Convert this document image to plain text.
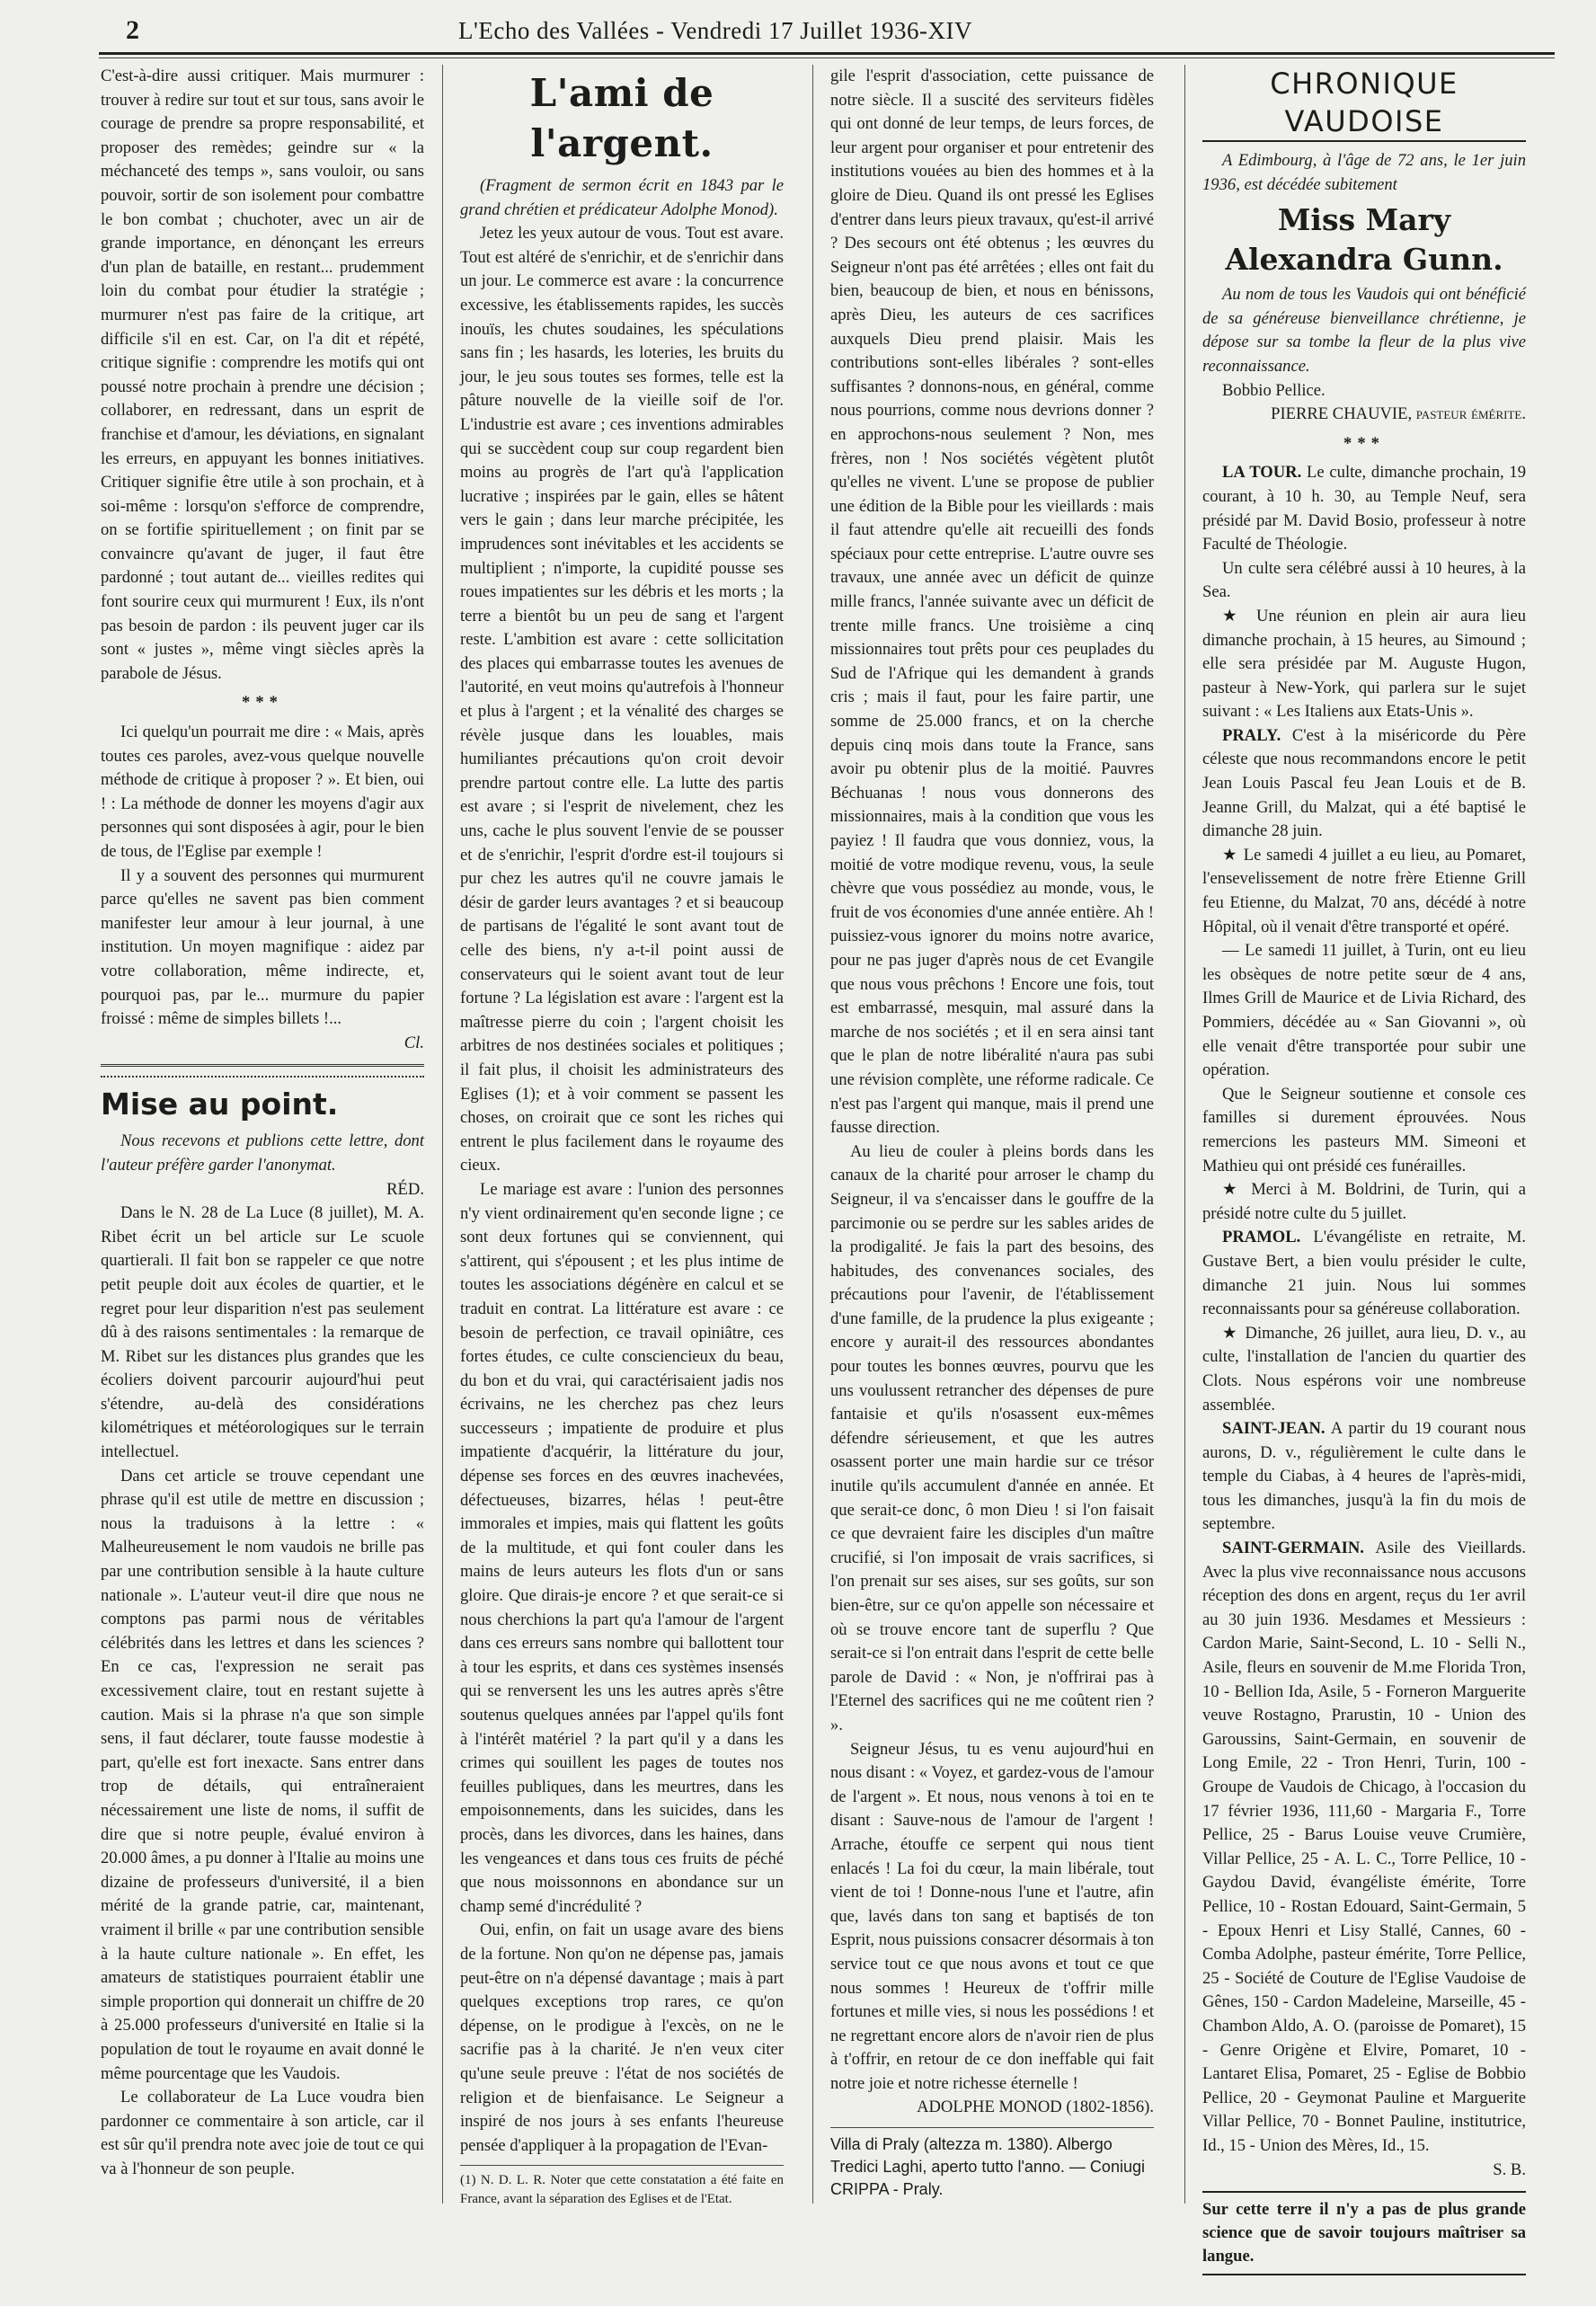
2	L'Echo des Vallées - Vendredi 17 Juillet 1936-XIV

C'est-à-dire aussi critiquer. Mais murmurer : trouver à redire sur tout et sur tous, sans avoir le courage de prendre sa propre responsabilité, et proposer des remèdes; geindre sur « la méchanceté des temps », sans vouloir, ou sans pouvoir, sortir de son isolement pour combattre le bon combat ; chuchoter, avec un air de grande importance, en dénonçant les erreurs d'un plan de bataille, en restant... prudemment loin du combat pour étudier la stratégie ; murmurer n'est pas faire de la critique, art difficile s'il en est. Car, on l'a dit et répété, critique signifie : comprendre les motifs qui ont poussé notre prochain à prendre une décision ; collaborer, en redressant, dans un esprit de franchise et d'amour, les déviations, en signalant les erreurs, en appuyant les bonnes initiatives. Critiquer signifie être utile à son prochain, et à soi-même : lorsqu'on s'efforce de comprendre, on se fortifie spirituellement ; on finit par se convaincre qu'avant de juger, il faut être pardonné ; tout autant de... vieilles redites qui font sourire ceux qui murmurent ! Eux, ils n'ont pas besoin de pardon : ils peuvent juger car ils sont « justes », même vingt siècles après la parabole de Jésus.

***

Ici quelqu'un pourrait me dire : « Mais, après toutes ces paroles, avez-vous quelque nouvelle méthode de critique à proposer ? ». Et bien, oui ! : La méthode de donner les moyens d'agir aux personnes qui sont disposées à agir, pour le bien de tous, de l'Eglise par exemple !

Il y a souvent des personnes qui murmurent parce qu'elles ne savent pas bien comment manifester leur amour à leur journal, à une institution. Un moyen magnifique : aidez par votre collaboration, même indirecte, et, pourquoi pas, par le... murmure du papier froissé : même de simples billets !...

Cl.
Mise au point.

Nous recevons et publions cette lettre, dont l'auteur préfère garder l'anonymat.

RÉD.

Dans le N. 28 de La Luce (8 juillet), M. A. Ribet écrit un bel article sur Le scuole quartierali. Il fait bon se rappeler ce que notre petit peuple doit aux écoles de quartier, et le regret pour leur disparition n'est pas seulement dû à des raisons sentimentales : la remarque de M. Ribet sur les distances plus grandes que les écoliers doivent parcourir aujourd'hui peut s'étendre, au-delà des considérations kilométriques et météorologiques sur le terrain intellectuel.

Dans cet article se trouve cependant une phrase qu'il est utile de mettre en discussion ; nous la traduisons à la lettre : « Malheureusement le nom vaudois ne brille pas par une contribution sensible à la haute culture nationale ». L'auteur veut-il dire que nous ne comptons pas parmi nous de véritables célébrités dans les lettres et dans les sciences ? En ce cas, l'expression ne serait pas excessivement claire, tout en restant sujette à caution. Mais si la phrase n'a que son simple sens, il faut déclarer, toute fausse modestie à part, qu'elle est fort inexacte. Sans entrer dans trop de détails, qui entraîneraient nécessairement une liste de noms, il suffit de dire que si notre peuple, évalué environ à 20.000 âmes, a pu donner à l'Italie au moins une dizaine de professeurs d'université, il a bien mérité de la grande patrie, car, maintenant, vraiment il brille « par une contribution sensible à la haute culture nationale ». En effet, les amateurs de statistiques pourraient établir une simple proportion qui donnerait un chiffre de 20 à 25.000 professeurs d'université en Italie si la population de tout le royaume en avait donné le même pourcentage que les Vaudois.

Le collaborateur de La Luce voudra bien pardonner ce commentaire à son article, car il est sûr qu'il prendra note avec joie de tout ce qui va à l'honneur de son peuple.

L'ami de l'argent.

(Fragment de sermon écrit en 1843 par le grand chrétien et prédicateur Adolphe Monod).

Jetez les yeux autour de vous. Tout est avare. Tout est altéré de s'enrichir, et de s'enrichir dans un jour. Le commerce est avare : la concurrence excessive, les établissements rapides, les succès inouïs, les chutes soudaines, les spéculations sans fin ; les hasards, les loteries, les bruits du jour, le jeu sous toutes ses formes, telle est la pâture nouvelle de la vieille soif de l'or. L'industrie est avare ; ces inventions admirables qui se succèdent coup sur coup regardent bien moins au progrès de l'art qu'à l'application lucrative ; inspirées par le gain, elles se hâtent vers le gain ; dans leur marche précipitée, les imprudences sont inévitables et les accidents se multiplient ; n'importe, la cupidité pousse ses roues impatientes sur les débris et les morts ; la terre a bientôt bu un peu de sang et l'argent reste. L'ambition est avare : cette sollicitation des places qui embarrasse toutes les avenues de l'autorité, en veut moins qu'autrefois à l'honneur et plus à l'argent ; et la vénalité des charges se révèle jusque dans les louables, mais humiliantes précautions qu'on croit devoir prendre partout contre elle. La lutte des partis est avare ; si l'esprit de nivelement, chez les uns, cache le plus souvent l'envie de se pousser et de s'enrichir, l'esprit d'ordre est-il toujours si pur chez les autres qu'il ne couvre jamais le désir de garder leurs avantages ? et si beaucoup de partisans de l'égalité le sont avant tout de celle des biens, n'y a-t-il point aussi de conservateurs qui le soient avant tout de leur fortune ? La législation est avare : l'argent est la maîtresse pierre du coin ; l'argent choisit les arbitres de nos destinées sociales et politiques ; il fait plus, il choisit les administrateurs des Eglises (1); et à voir comment se passent les choses, on croirait que ce sont les riches qui entrent le plus facilement dans le royaume des cieux.

Le mariage est avare : l'union des personnes n'y vient ordinairement qu'en seconde ligne ; ce sont deux fortunes qui se conviennent, qui s'attirent, qui s'épousent ; et les plus intime de toutes les associations dégénère en calcul et se traduit en contrat. La littérature est avare : ce besoin de perfection, ce travail opiniâtre, ces fortes études, ce culte consciencieux du beau, du bon et du vrai, qui caractérisaient jadis nos écrivains, ne les cherchez pas chez leurs successeurs ; impatiente de produire et plus impatiente d'acquérir, la littérature du jour, dépense ses forces en des œuvres inachevées, défectueuses, bizarres, hélas ! peut-être immorales et impies, mais qui flattent les goûts de la multitude, et qui font couler dans les mains de leurs auteurs les flots d'un or sans gloire. Que dirais-je encore ? et que serait-ce si nous cherchions la part qu'a l'amour de l'argent dans ces erreurs sans nombre qui ballottent tour à tour les esprits, et dans ces systèmes insensés qui se renversent les uns les autres après s'être soutenus quelques années par l'appel qu'ils font à l'intérêt matériel ? la part qu'il y a dans les crimes qui souillent les pages de toutes nos feuilles publiques, dans les meurtres, dans les empoisonnements, dans les suicides, dans les procès, dans les divorces, dans les haines, dans les vengeances et dans tous ces fruits de péché que nous moissonnons en abondance sur un champ semé d'incrédulité ?

Oui, enfin, on fait un usage avare des biens de la fortune. Non qu'on ne dépense pas, jamais peut-être on n'a dépensé davantage ; mais à part quelques exceptions trop rares, ce qu'on dépense, on le prodigue à l'excès, on ne le sacrifie pas à la charité. Je n'en veux citer qu'une seule preuve : l'état de nos sociétés de religion et de bienfaisance. Le Seigneur a inspiré de nos jours à ses enfants l'heureuse pensée d'appliquer à la propagation de l'Evan-

(1) N. D. L. R. Noter que cette constatation a été faite en France, avant la séparation des Eglises et de l'Etat.

gile l'esprit d'association, cette puissance de notre siècle. Il a suscité des serviteurs fidèles qui ont donné de leur temps, de leurs forces, de leur argent pour organiser et pour entretenir des institutions vouées au bien des hommes et à la gloire de Dieu. Quand ils ont pressé les Eglises d'entrer dans leurs pieux travaux, qu'est-il arrivé ? Des secours ont été obtenus ; les œuvres du Seigneur n'ont pas été arrêtées ; elles ont fait du bien, beaucoup de bien, et nous en bénissons, après Dieu, les auteurs de ces sacrifices auxquels Dieu prend plaisir. Mais les contributions sont-elles libérales ? sont-elles suffisantes ? donnons-nous, en général, comme nous pourrions, comme nous devrions donner ? en approchons-nous seulement ? Non, mes frères, non ! Nos sociétés végètent plutôt qu'elles ne vivent. L'une se propose de publier une édition de la Bible pour les vieillards : mais il faut attendre qu'elle ait recueilli des fonds spéciaux pour cette entreprise. L'autre ouvre ses travaux, une année avec un déficit de quinze mille francs, l'année suivante avec un déficit de trente mille francs. Une troisième a cinq missionnaires tout prêts pour ces peuplades du Sud de l'Afrique qui les demandent à grands cris ; mais il faut, pour les faire partir, une somme de 25.000 francs, et on la cherche depuis cinq mois dans toute la France, sans avoir pu obtenir plus de la moitié. Pauvres Béchuanas ! nous vous donnerons des missionnaires, mais à la condition que vous les payiez ! Il faudra que vous donniez, vous, la moitié de votre modique revenu, vous, la seule chèvre que vous possédiez au monde, vous, le fruit de vos économies d'une année entière. Ah ! puissiez-vous ignorer du moins notre avarice, pour ne pas juger d'après nous de cet Evangile que nous vous prêchons ! Encore une fois, tout est embarrassé, mesquin, mal assuré dans la marche de nos sociétés ; et il en sera ainsi tant que le plan de notre libéralité n'aura pas subi une révision complète, une réforme radicale. Ce n'est pas l'argent qui manque, mais il prend une fausse direction.

Au lieu de couler à pleins bords dans les canaux de la charité pour arroser le champ du Seigneur, il va s'encaisser dans le gouffre de la parcimonie ou se perdre sur les sables arides de la prodigalité. Je fais la part des besoins, des habitudes, des convenances sociales, des précautions pour l'avenir, de l'établissement d'une famille, de la prudence la plus exigeante ; encore y aurait-il des ressources abondantes pour toutes les bonnes œuvres, pourvu que les uns voulussent retrancher des dépenses de pure fantaisie et qu'ils n'osassent eux-mêmes défendre sérieusement, et que les autres osassent porter une main hardie sur ce trésor inutile qu'ils accumulent d'année en année. Et que serait-ce donc, ô mon Dieu ! si l'on faisait ce que devraient faire les disciples d'un maître crucifié, si l'on imposait de vrais sacrifices, si l'on prenait sur ses aises, sur ses goûts, sur son bien-être, sur ce qu'on appelle son nécessaire et où se trouve encore tant de superflu ? Que serait-ce si l'on entrait dans l'esprit de cette belle parole de David : « Non, je n'offrirai pas à l'Eternel des sacrifices qui ne me coûtent rien ? ».

Seigneur Jésus, tu es venu aujourd'hui en nous disant : « Voyez, et gardez-vous de l'amour de l'argent ». Et nous, nous venons à toi en te disant : Sauve-nous de l'amour de l'argent ! Arrache, étouffe ce serpent qui nous tient enlacés ! La foi du cœur, la main libérale, tout vient de toi ! Donne-nous l'une et l'autre, afin que, lavés dans ton sang et baptisés de ton Esprit, nous puissions consacrer désormais à ton service tout ce que nous avons et tout ce que nous sommes ! Heureux de t'offrir mille fortunes et mille vies, si nous les possédions ! et ne regrettant encore alors de n'avoir rien de plus à t'offrir, en retour de ce don ineffable qui fait notre joie et notre richesse éternelle !

ADOLPHE MONOD (1802-1856).
Villa di Praly (altezza m. 1380). Albergo Tredici Laghi, aperto tutto l'anno. — Coniugi CRIPPA - Praly.
CHRONIQUE VAUDOISE

A Edimbourg, à l'âge de 72 ans, le 1er juin 1936, est décédée subitement

Miss Mary Alexandra Gunn.

Au nom de tous les Vaudois qui ont bénéficié de sa généreuse bienveillance chrétienne, je dépose sur sa tombe la fleur de la plus vive reconnaissance.

Bobbio Pellice.

PIERRE CHAUVIE, pasteur émérite.
***

LA TOUR. Le culte, dimanche prochain, 19 courant, à 10 h. 30, au Temple Neuf, sera présidé par M. David Bosio, professeur à notre Faculté de Théologie.

Un culte sera célébré aussi à 10 heures, à la Sea.

★ Une réunion en plein air aura lieu dimanche prochain, à 15 heures, au Simound ; elle sera présidée par M. Auguste Hugon, pasteur à New-York, qui parlera sur le sujet suivant : « Les Italiens aux Etats-Unis ».

PRALY. C'est à la miséricorde du Père céleste que nous recommandons encore le petit Jean Louis Pascal feu Jean Louis et de B. Jeanne Grill, du Malzat, qui a été baptisé le dimanche 28 juin.

★ Le samedi 4 juillet a eu lieu, au Pomaret, l'ensevelissement de notre frère Etienne Grill feu Etienne, du Malzat, 70 ans, décédé à notre Hôpital, où il venait d'être transporté et opéré.

— Le samedi 11 juillet, à Turin, ont eu lieu les obsèques de notre petite sœur de 4 ans, Ilmes Grill de Maurice et de Livia Richard, des Pommiers, décédée au « San Giovanni », où elle venait d'être transportée pour subir une opération.

Que le Seigneur soutienne et console ces familles si durement éprouvées. Nous remercions les pasteurs MM. Simeoni et Mathieu qui ont présidé ces funérailles.

★ Merci à M. Boldrini, de Turin, qui a présidé notre culte du 5 juillet.

PRAMOL. L'évangéliste en retraite, M. Gustave Bert, a bien voulu présider le culte, dimanche 21 juin. Nous lui sommes reconnaissants pour sa généreuse collaboration.

★ Dimanche, 26 juillet, aura lieu, D. v., au culte, l'installation de l'ancien du quartier des Clots. Nous espérons voir une nombreuse assemblée.

SAINT-JEAN. A partir du 19 courant nous aurons, D. v., régulièrement le culte dans le temple du Ciabas, à 4 heures de l'après-midi, tous les dimanches, jusqu'à la fin du mois de septembre.

SAINT-GERMAIN. Asile des Vieillards. Avec la plus vive reconnaissance nous accusons réception des dons en argent, reçus du 1er avril au 30 juin 1936. Mesdames et Messieurs : Cardon Marie, Saint-Second, L. 10 - Selli N., Asile, fleurs en souvenir de M.me Florida Tron, 10 - Bellion Ida, Asile, 5 - Forneron Marguerite veuve Rostagno, Prarustin, 10 - Union des Garoussins, Saint-Germain, en souvenir de Long Emile, 22 - Tron Henri, Turin, 100 - Groupe de Vaudois de Chicago, à l'occasion du 17 février 1936, 111,60 - Margaria F., Torre Pellice, 25 - Barus Louise veuve Crumière, Villar Pellice, 25 - A. L. C., Torre Pellice, 10 - Gaydou David, évangéliste émérite, Torre Pellice, 10 - Rostan Edouard, Saint-Germain, 5 - Epoux Henri et Lisy Stallé, Cannes, 60 - Comba Adolphe, pasteur émérite, Torre Pellice, 25 - Société de Couture de l'Eglise Vaudoise de Gênes, 150 - Cardon Madeleine, Marseille, 45 - Chambon Aldo, A. O. (paroisse de Pomaret), 15 - Genre Origène et Elvire, Pomaret, 10 - Lantaret Elisa, Pomaret, 25 - Eglise de Bobbio Pellice, 20 - Geymonat Pauline et Marguerite Villar Pellice, 70 - Bonnet Pauline, institutrice, Id., 15 - Union des Mères, Id., 15.

S. B.
Sur cette terre il n'y a pas de plus grande science que de savoir toujours maîtriser sa langue.
